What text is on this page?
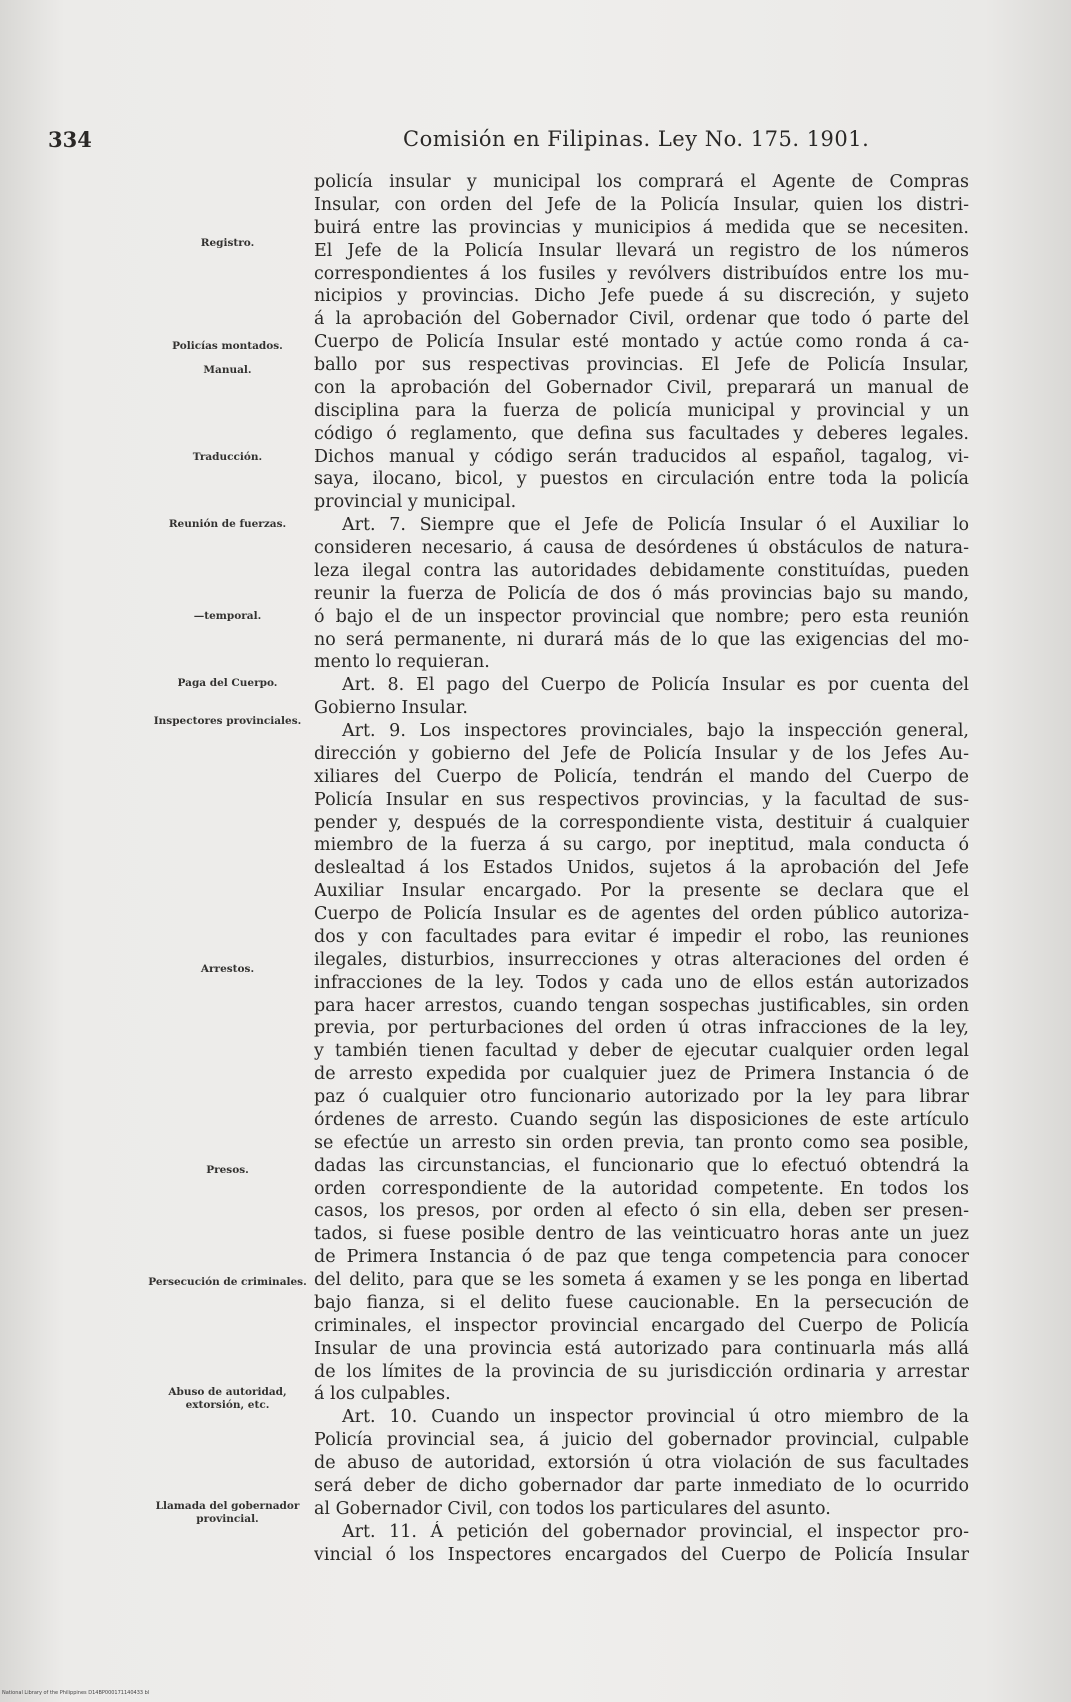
334	Comisión en Filipinas. Ley No. 175. 1901.
Registro.
Policías montados.
Manual.
Traducción.
Reunión de fuerzas.
—temporal.
Paga del Cuerpo.
Inspectores provinciales.
Arrestos.
Presos.
Persecución de criminales.
Abuso de autoridad, extorsión, etc.
Llamada del gobernador provincial.
policía insular y municipal los comprará el Agente de Compras
Insular, con orden del Jefe de la Policía Insular, quien los distri-
buirá entre las provincias y municipios á medida que se necesiten.
El Jefe de la Policía Insular llevará un registro de los números
correspondientes á los fusiles y revólvers distribuídos entre los mu-
nicipios y provincias. Dicho Jefe puede á su discreción, y sujeto
á la aprobación del Gobernador Civil, ordenar que todo ó parte del
Cuerpo de Policía Insular esté montado y actúe como ronda á ca-
ballo por sus respectivas provincias. El Jefe de Policía Insular,
con la aprobación del Gobernador Civil, preparará un manual de
disciplina para la fuerza de policía municipal y provincial y un
código ó reglamento, que defina sus facultades y deberes legales.
Dichos manual y código serán traducidos al español, tagalog, vi-
saya, ilocano, bicol, y puestos en circulación entre toda la policía
provincial y municipal.
Art. 7. Siempre que el Jefe de Policía Insular ó el Auxiliar lo
consideren necesario, á causa de desórdenes ú obstáculos de natura-
leza ilegal contra las autoridades debidamente constituídas, pueden
reunir la fuerza de Policía de dos ó más provincias bajo su mando,
ó bajo el de un inspector provincial que nombre; pero esta reunión
no será permanente, ni durará más de lo que las exigencias del mo-
mento lo requieran.
Art. 8. El pago del Cuerpo de Policía Insular es por cuenta del
Gobierno Insular.
Art. 9. Los inspectores provinciales, bajo la inspección general,
dirección y gobierno del Jefe de Policía Insular y de los Jefes Au-
xiliares del Cuerpo de Policía, tendrán el mando del Cuerpo de
Policía Insular en sus respectivos provincias, y la facultad de sus-
pender y, después de la correspondiente vista, destituir á cualquier
miembro de la fuerza á su cargo, por ineptitud, mala conducta ó
deslealtad á los Estados Unidos, sujetos á la aprobación del Jefe
Auxiliar Insular encargado. Por la presente se declara que el
Cuerpo de Policía Insular es de agentes del orden público autoriza-
dos y con facultades para evitar é impedir el robo, las reuniones
ilegales, disturbios, insurrecciones y otras alteraciones del orden é
infracciones de la ley. Todos y cada uno de ellos están autorizados
para hacer arrestos, cuando tengan sospechas justificables, sin orden
previa, por perturbaciones del orden ú otras infracciones de la ley,
y también tienen facultad y deber de ejecutar cualquier orden legal
de arresto expedida por cualquier juez de Primera Instancia ó de
paz ó cualquier otro funcionario autorizado por la ley para librar
órdenes de arresto. Cuando según las disposiciones de este artículo
se efectúe un arresto sin orden previa, tan pronto como sea posible,
dadas las circunstancias, el funcionario que lo efectuó obtendrá la
orden correspondiente de la autoridad competente. En todos los
casos, los presos, por orden al efecto ó sin ella, deben ser presen-
tados, si fuese posible dentro de las veinticuatro horas ante un juez
de Primera Instancia ó de paz que tenga competencia para conocer
del delito, para que se les someta á examen y se les ponga en libertad
bajo fianza, si el delito fuese caucionable. En la persecución de
criminales, el inspector provincial encargado del Cuerpo de Policía
Insular de una provincia está autorizado para continuarla más allá
de los límites de la provincia de su jurisdicción ordinaria y arrestar
á los culpables.
Art. 10. Cuando un inspector provincial ú otro miembro de la
Policía provincial sea, á juicio del gobernador provincial, culpable
de abuso de autoridad, extorsión ú otra violación de sus facultades
será deber de dicho gobernador dar parte inmediato de lo ocurrido
al Gobernador Civil, con todos los particulares del asunto.
Art. 11. Á petición del gobernador provincial, el inspector pro-
vincial ó los Inspectores encargados del Cuerpo de Policía Insular
National Library of the Philippines D14BP000171140433 bl
